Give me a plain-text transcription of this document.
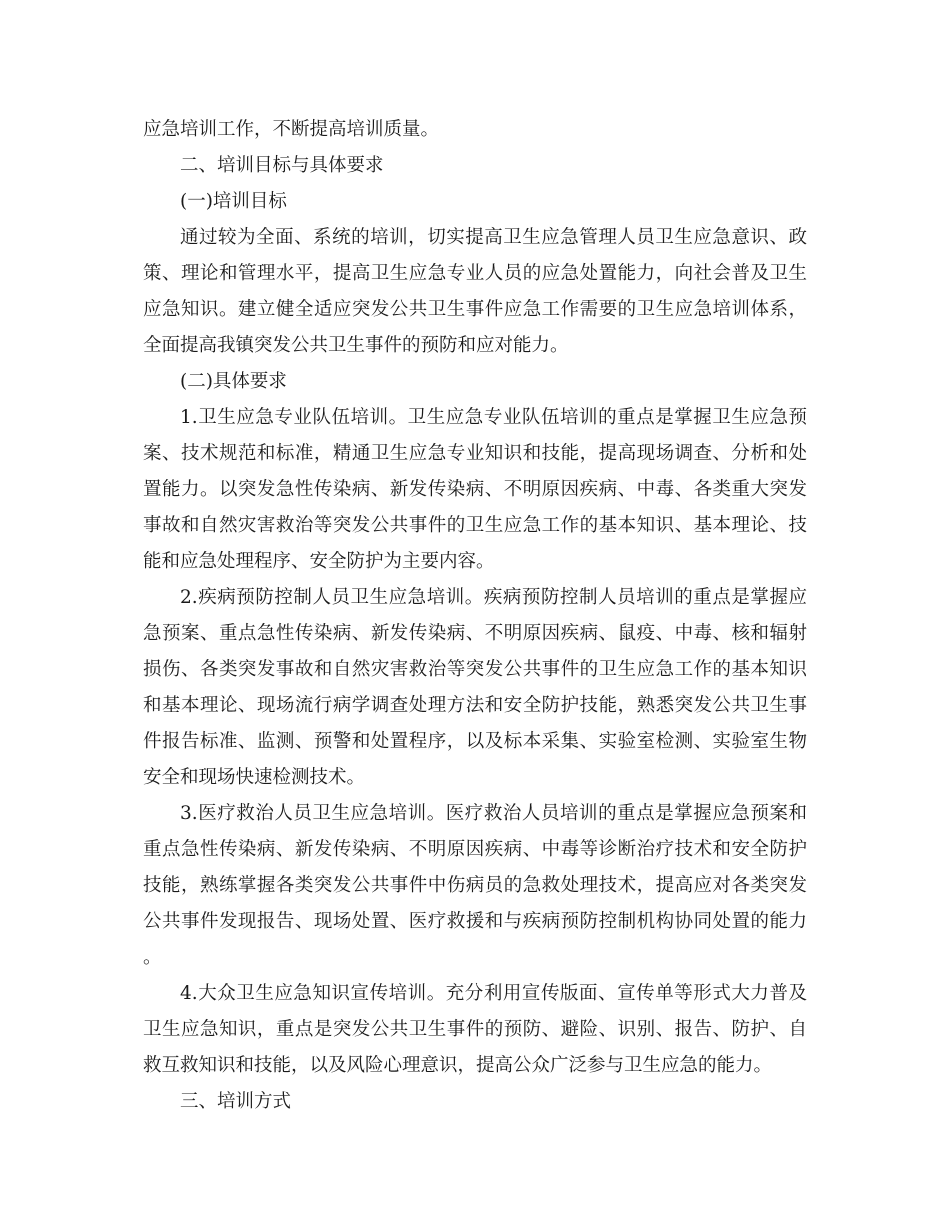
应急培训工作，不断提高培训质量。

二、培训目标与具体要求

(一)培训目标

通过较为全面、系统的培训，切实提高卫生应急管理人员卫生应急意识、政策、理论和管理水平，提高卫生应急专业人员的应急处置能力，向社会普及卫生应急知识。建立健全适应突发公共卫生事件应急工作需要的卫生应急培训体系，全面提高我镇突发公共卫生事件的预防和应对能力。

(二)具体要求

1.卫生应急专业队伍培训。卫生应急专业队伍培训的重点是掌握卫生应急预案、技术规范和标准，精通卫生应急专业知识和技能，提高现场调查、分析和处置能力。以突发急性传染病、新发传染病、不明原因疾病、中毒、各类重大突发事故和自然灾害救治等突发公共事件的卫生应急工作的基本知识、基本理论、技能和应急处理程序、安全防护为主要内容。

2.疾病预防控制人员卫生应急培训。疾病预防控制人员培训的重点是掌握应急预案、重点急性传染病、新发传染病、不明原因疾病、鼠疫、中毒、核和辐射损伤、各类突发事故和自然灾害救治等突发公共事件的卫生应急工作的基本知识和基本理论、现场流行病学调查处理方法和安全防护技能，熟悉突发公共卫生事件报告标准、监测、预警和处置程序，以及标本采集、实验室检测、实验室生物安全和现场快速检测技术。

3.医疗救治人员卫生应急培训。医疗救治人员培训的重点是掌握应急预案和重点急性传染病、新发传染病、不明原因疾病、中毒等诊断治疗技术和安全防护技能，熟练掌握各类突发公共事件中伤病员的急救处理技术，提高应对各类突发公共事件发现报告、现场处置、医疗救援和与疾病预防控制机构协同处置的能力。

4.大众卫生应急知识宣传培训。充分利用宣传版面、宣传单等形式大力普及卫生应急知识，重点是突发公共卫生事件的预防、避险、识别、报告、防护、自救互救知识和技能，以及风险心理意识，提高公众广泛参与卫生应急的能力。

三、培训方式
